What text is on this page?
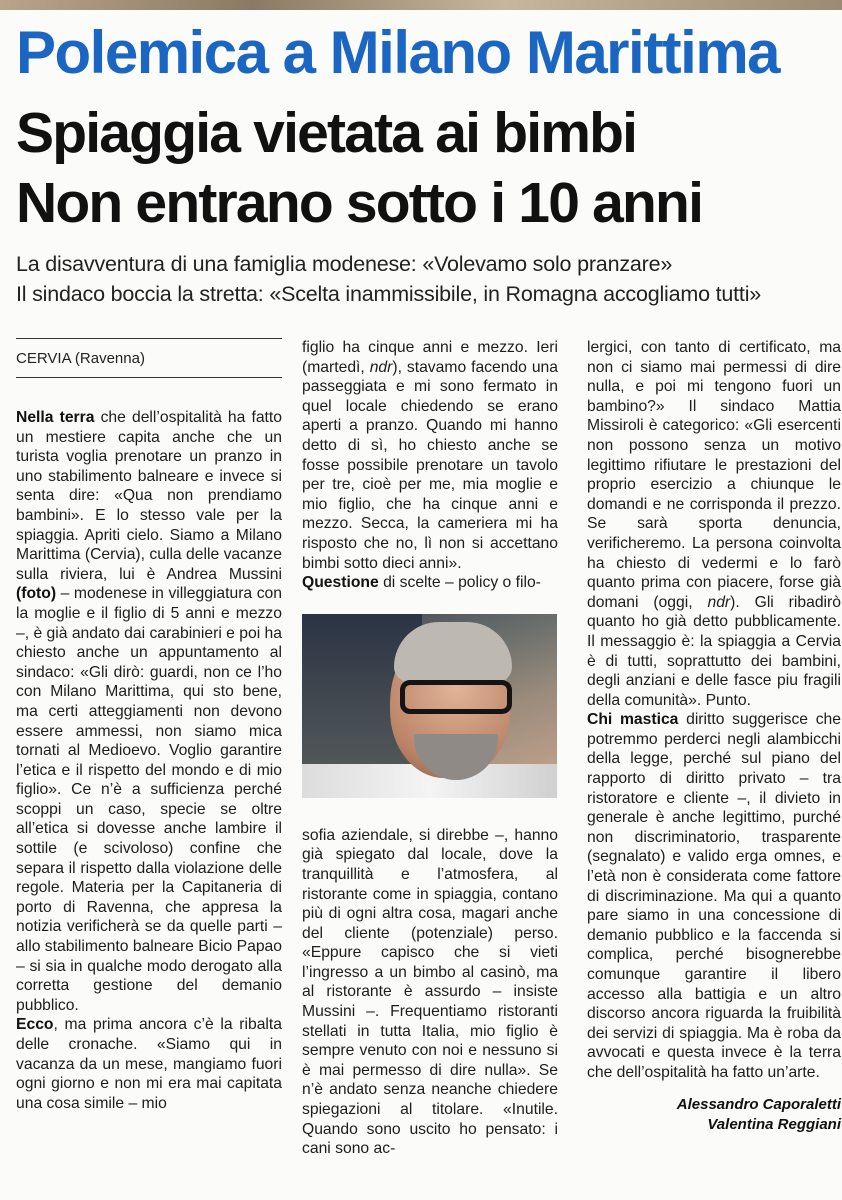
Polemica a Milano Marittima
Spiaggia vietata ai bimbi
Non entrano sotto i 10 anni
La disavventura di una famiglia modenese: «Volevamo solo pranzare»
Il sindaco boccia la stretta: «Scelta inammissibile, in Romagna accogliamo tutti»
CERVIA (Ravenna)

Nella terra che dell’ospitalità ha fatto un mestiere capita anche che un turista voglia prenotare un pranzo in uno stabilimento balneare e invece si senta dire: «Qua non prendiamo bambini». E lo stesso vale per la spiaggia. Apriti cielo. Siamo a Milano Marittima (Cervia), culla delle vacanze sulla riviera, lui è Andrea Mussini (foto) – modenese in villeggiatura con la moglie e il figlio di 5 anni e mezzo –, è già andato dai carabinieri e poi ha chiesto anche un appuntamento al sindaco: «Gli dirò: guardi, non ce l’ho con Milano Marittima, qui sto bene, ma certi atteggiamenti non devono essere ammessi, non siamo mica tornati al Medioevo. Voglio garantire l’etica e il rispetto del mondo e di mio figlio». Ce n’è a sufficienza perché scoppi un caso, specie se oltre all’etica si dovesse anche lambire il sottile (e scivoloso) confine che separa il rispetto dalla violazione delle regole. Materia per la Capitaneria di porto di Ravenna, che appresa la notizia verificherà se da quelle parti – allo stabilimento balneare Bicio Papao – si sia in qualche modo derogato alla corretta gestione del demanio pubblico.

Ecco, ma prima ancora c’è la ribalta delle cronache. «Siamo qui in vacanza da un mese, mangiamo fuori ogni giorno e non mi era mai capitata una cosa simile – mio

figlio ha cinque anni e mezzo. Ieri (martedì, ndr), stavamo facendo una passeggiata e mi sono fermato in quel locale chiedendo se erano aperti a pranzo. Quando mi hanno detto di sì, ho chiesto anche se fosse possibile prenotare un tavolo per tre, cioè per me, mia moglie e mio figlio, che ha cinque anni e mezzo. Secca, la cameriera mi ha risposto che no, lì non si accettano bimbi sotto dieci anni».

Questione di scelte – policy o filo-

sofia aziendale, si direbbe –, hanno già spiegato dal locale, dove la tranquillità e l’atmosfera, al ristorante come in spiaggia, contano più di ogni altra cosa, magari anche del cliente (potenziale) perso. «Eppure capisco che si vieti l’ingresso a un bimbo al casinò, ma al ristorante è assurdo – insiste Mussini –. Frequentiamo ristoranti stellati in tutta Italia, mio figlio è sempre venuto con noi e nessuno si è mai permesso di dire nulla». Se n’è andato senza neanche chiedere spiegazioni al titolare. «Inutile. Quando sono uscito ho pensato: i cani sono ac-

lergici, con tanto di certificato, ma non ci siamo mai permessi di dire nulla, e poi mi tengono fuori un bambino?» Il sindaco Mattia Missiroli è categorico: «Gli esercenti non possono senza un motivo legittimo rifiutare le prestazioni del proprio esercizio a chiunque le domandi e ne corrisponda il prezzo. Se sarà sporta denuncia, verificheremo. La persona coinvolta ha chiesto di vedermi e lo farò quanto prima con piacere, forse già domani (oggi, ndr). Gli ribadirò quanto ho già detto pubblicamente. Il messaggio è: la spiaggia a Cervia è di tutti, soprattutto dei bambini, degli anziani e delle fasce piu fragili della comunità». Punto.

Chi mastica diritto suggerisce che potremmo perderci negli alambicchi della legge, perché sul piano del rapporto di diritto privato – tra ristoratore e cliente –, il divieto in generale è anche legittimo, purché non discriminatorio, trasparente (segnalato) e valido erga omnes, e l’età non è considerata come fattore di discriminazione. Ma qui a quanto pare siamo in una concessione di demanio pubblico e la faccenda si complica, perché bisognerebbe comunque garantire il libero accesso alla battigia e un altro discorso ancora riguarda la fruibilità dei servizi di spiaggia. Ma è roba da avvocati e questa invece è la terra che dell’ospitalità ha fatto un’arte.

Alessandro Caporaletti
Valentina Reggiani
